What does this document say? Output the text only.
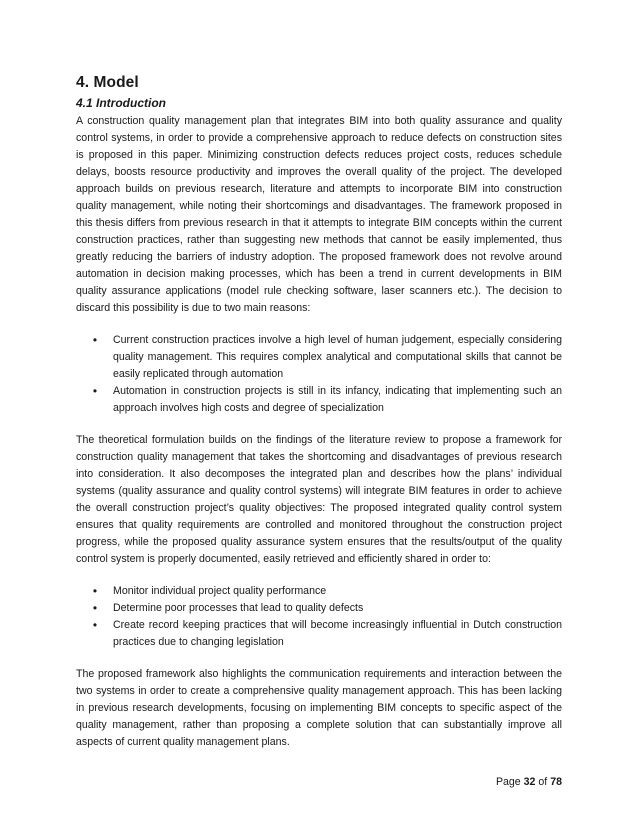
4. Model
4.1 Introduction

A construction quality management plan that integrates BIM into both quality assurance and quality control systems, in order to provide a comprehensive approach to reduce defects on construction sites is proposed in this paper. Minimizing construction defects reduces project costs, reduces schedule delays, boosts resource productivity and improves the overall quality of the project. The developed approach builds on previous research, literature and attempts to incorporate BIM into construction quality management, while noting their shortcomings and disadvantages. The framework proposed in this thesis differs from previous research in that it attempts to integrate BIM concepts within the current construction practices, rather than suggesting new methods that cannot be easily implemented, thus greatly reducing the barriers of industry adoption. The proposed framework does not revolve around automation in decision making processes, which has been a trend in current developments in BIM quality assurance applications (model rule checking software, laser scanners etc.). The decision to discard this possibility is due to two main reasons:

• Current construction practices involve a high level of human judgement, especially considering quality management. This requires complex analytical and computational skills that cannot be easily replicated through automation
• Automation in construction projects is still in its infancy, indicating that implementing such an approach involves high costs and degree of specialization

The theoretical formulation builds on the findings of the literature review to propose a framework for construction quality management that takes the shortcoming and disadvantages of previous research into consideration. It also decomposes the integrated plan and describes how the plans’ individual systems (quality assurance and quality control systems) will integrate BIM features in order to achieve the overall construction project’s quality objectives: The proposed integrated quality control system ensures that quality requirements are controlled and monitored throughout the construction project progress, while the proposed quality assurance system ensures that the results/output of the quality control system is properly documented, easily retrieved and efficiently shared in order to:

• Monitor individual project quality performance
• Determine poor processes that lead to quality defects
• Create record keeping practices that will become increasingly influential in Dutch construction practices due to changing legislation

The proposed framework also highlights the communication requirements and interaction between the two systems in order to create a comprehensive quality management approach. This has been lacking in previous research developments, focusing on implementing BIM concepts to specific aspect of the quality management, rather than proposing a complete solution that can substantially improve all aspects of current quality management plans.

Page 32 of 78
